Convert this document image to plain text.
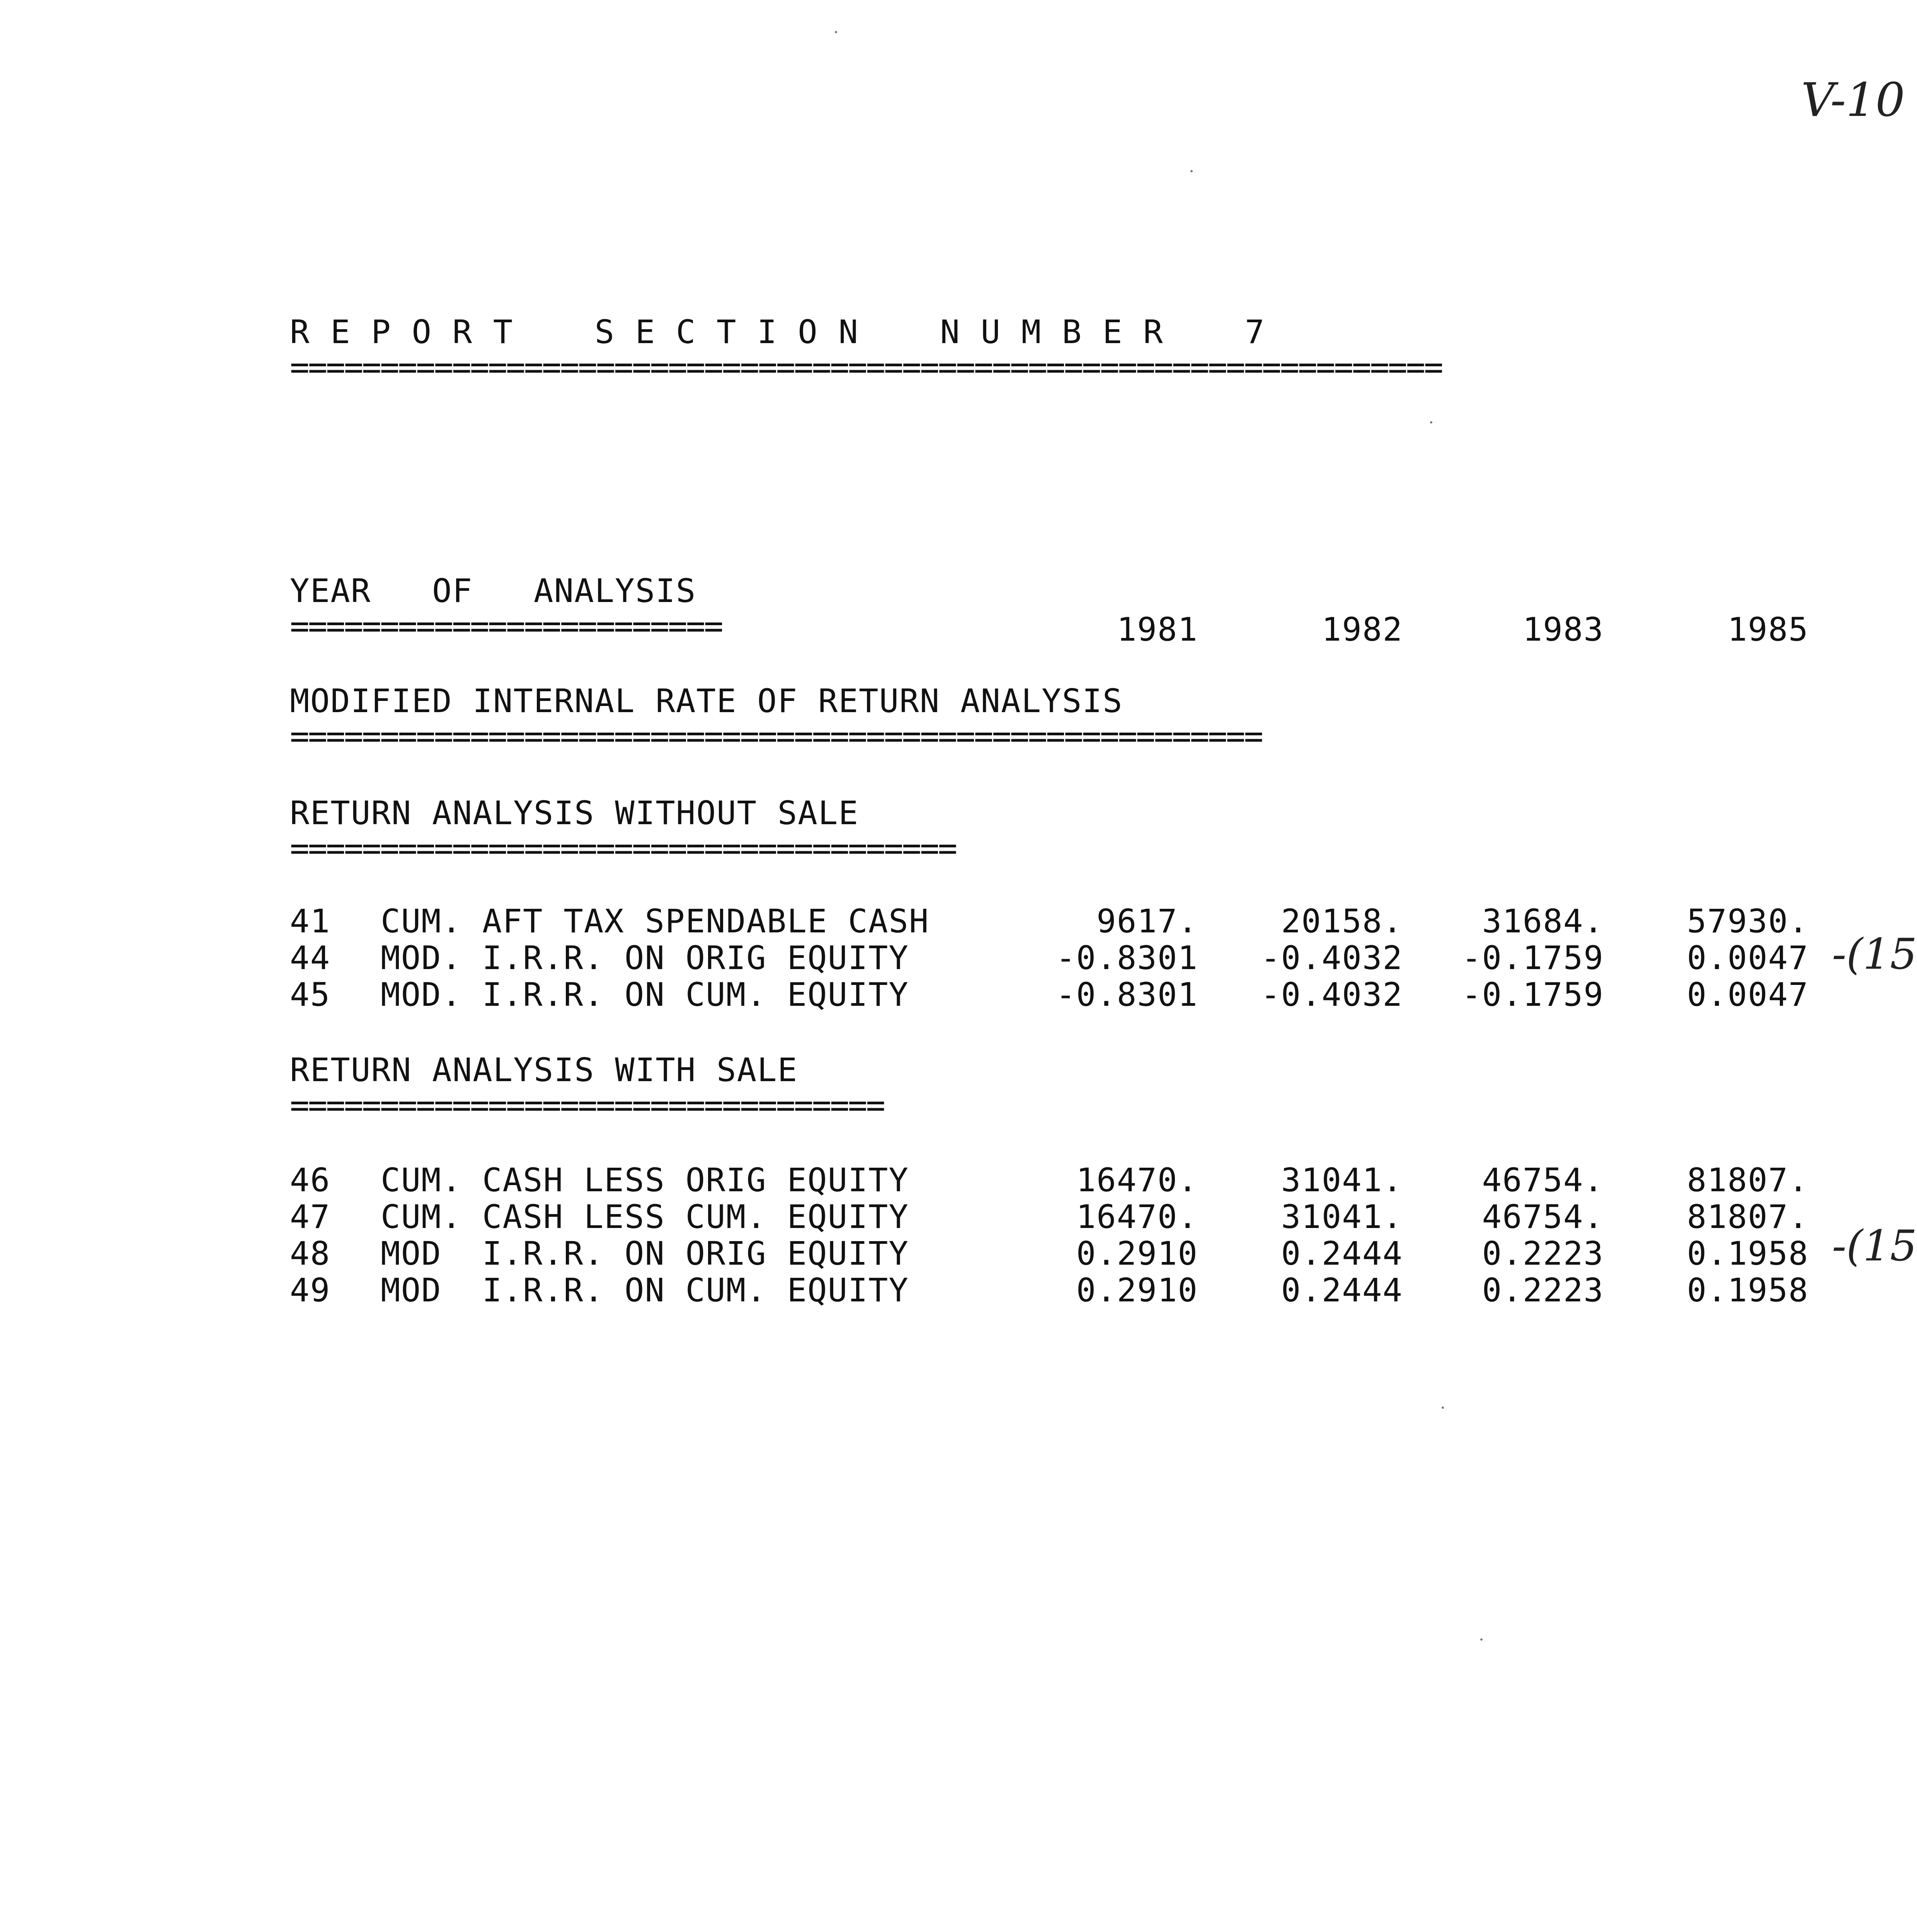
V-10
R E P O R T    S E C T I O N    N U M B E R    7
================================================================
YEAR   OF   ANALYSIS
========================	1981	1982	1983	1985
MODIFIED INTERNAL RATE OF RETURN ANALYSIS
======================================================
RETURN ANALYSIS WITHOUT SALE
=====================================
41 CUM. AFT TAX SPENDABLE CASH	9617.	20158.	31684.	57930.
44 MOD. I.R.R. ON ORIG EQUITY	-0.8301	-0.4032	-0.1759	0.0047
45 MOD. I.R.R. ON CUM. EQUITY	-0.8301	-0.4032	-0.1759	0.0047
-(15
RETURN ANALYSIS WITH SALE
=================================
46 CUM. CASH LESS ORIG EQUITY	16470.	31041.	46754.	81807.
47 CUM. CASH LESS CUM. EQUITY	16470.	31041.	46754.	81807.
48 MOD  I.R.R. ON ORIG EQUITY	0.2910	0.2444	0.2223	0.1958
49 MOD  I.R.R. ON CUM. EQUITY	0.2910	0.2444	0.2223	0.1958
-(15
